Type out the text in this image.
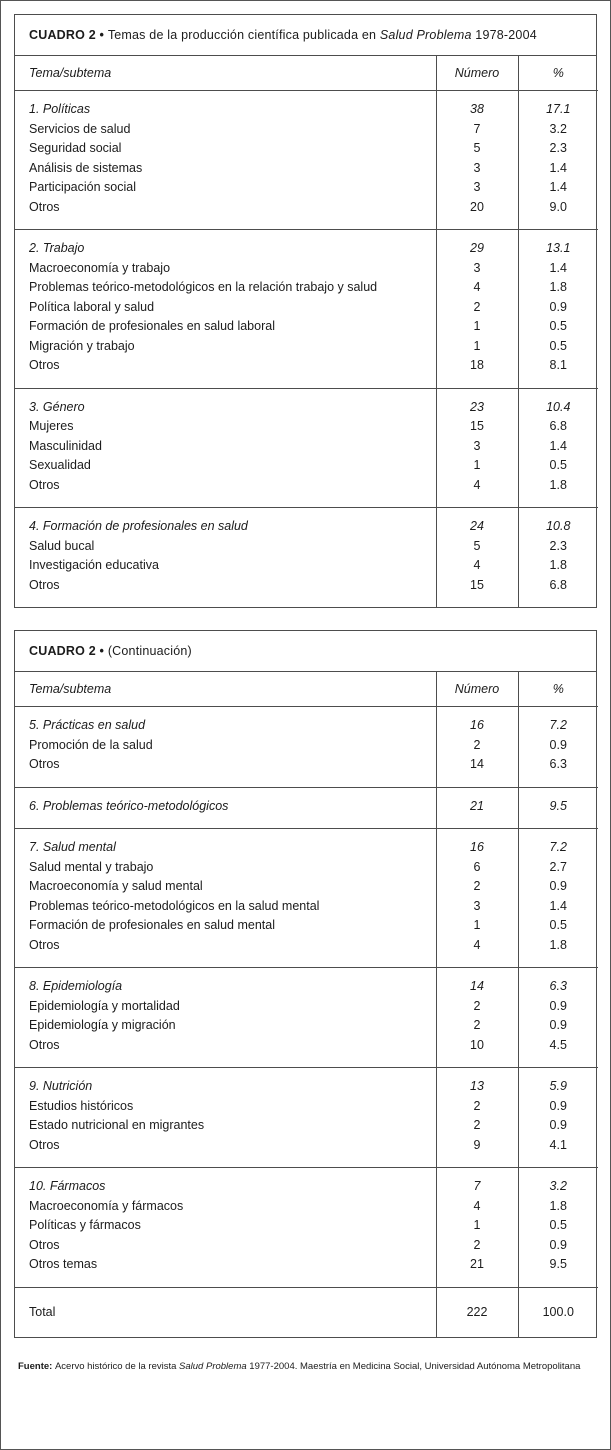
CUADRO 2 • Temas de la producción científica publicada en Salud Problema 1978-2004
Tema/subtema	Número	%
1. Políticas	38	17.1
Servicios de salud	7	3.2
Seguridad social	5	2.3
Análisis de sistemas	3	1.4
Participación social	3	1.4
Otros	20	9.0
2. Trabajo	29	13.1
Macroeconomía y trabajo	3	1.4
Problemas teórico-metodológicos en la relación trabajo y salud	4	1.8
Política laboral y salud	2	0.9
Formación de profesionales en salud laboral	1	0.5
Migración y trabajo	1	0.5
Otros	18	8.1
3. Género	23	10.4
Mujeres	15	6.8
Masculinidad	3	1.4
Sexualidad	1	0.5
Otros	4	1.8
4. Formación de profesionales en salud	24	10.8
Salud bucal	5	2.3
Investigación educativa	4	1.8
Otros	15	6.8
CUADRO 2 • (Continuación)
Tema/subtema	Número	%
5. Prácticas en salud	16	7.2
Promoción de la salud	2	0.9
Otros	14	6.3
6. Problemas teórico-metodológicos	21	9.5
7. Salud mental	16	7.2
Salud mental y trabajo	6	2.7
Macroeconomía y salud mental	2	0.9
Problemas teórico-metodológicos en la salud mental	3	1.4
Formación de profesionales en salud mental	1	0.5
Otros	4	1.8
8. Epidemiología	14	6.3
Epidemiología y mortalidad	2	0.9
Epidemiología y migración	2	0.9
Otros	10	4.5
9. Nutrición	13	5.9
Estudios históricos	2	0.9
Estado nutricional en migrantes	2	0.9
Otros	9	4.1
10. Fármacos	7	3.2
Macroeconomía y fármacos	4	1.8
Políticas y fármacos	1	0.5
Otros	2	0.9
Otros temas	21	9.5
Total	222	100.0
Fuente: Acervo histórico de la revista Salud Problema 1977-2004. Maestría en Medicina Social, Universidad Autónoma Metropolitana
